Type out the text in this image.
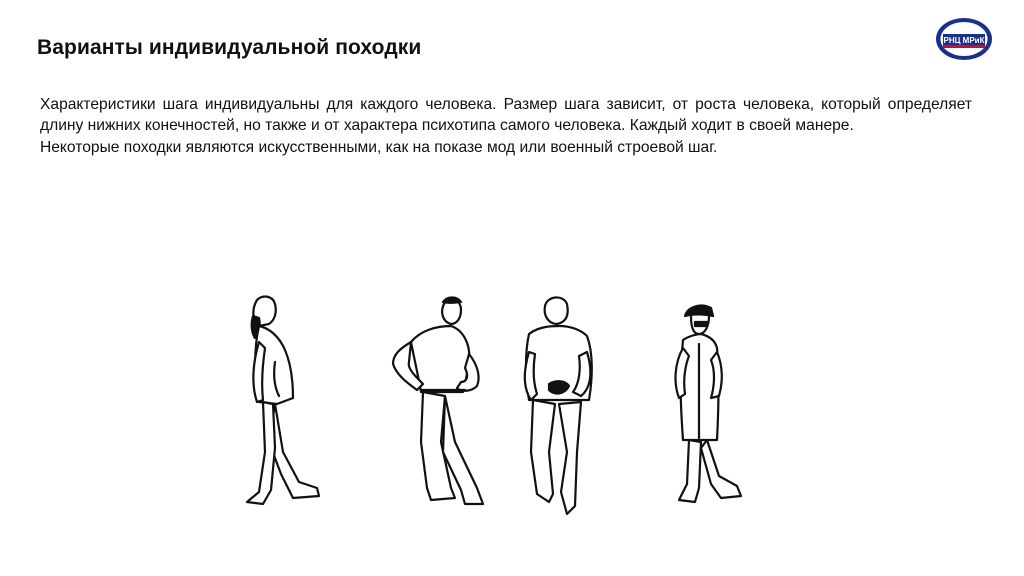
Варианты индивидуальной походки	РНЦ МРиК

Характеристики шага индивидуальны для каждого человека. Размер шага зависит, от роста человека, который определяет длину нижних конечностей, но также и от характера психотипа самого человека. Каждый ходит в своей манере.

Некоторые походки являются искусственными, как на показе мод или военный строевой шаг.
